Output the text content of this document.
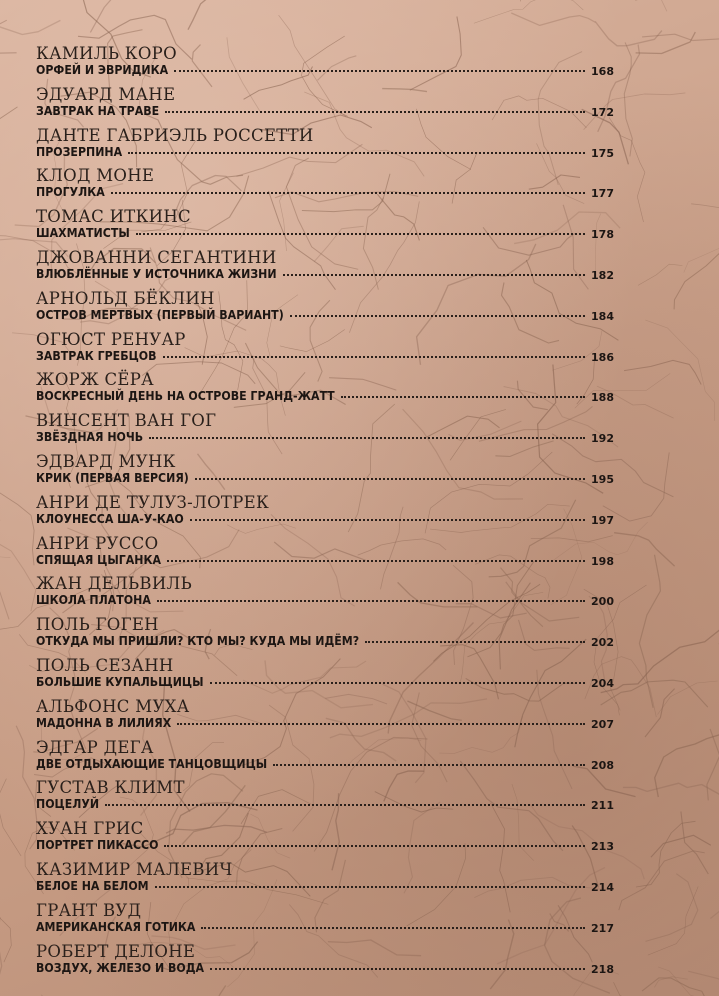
КАМИЛЬ КОРО
ОРФЕЙ И ЭВРИДИКА	168
ЭДУАРД МАНЕ
ЗАВТРАК НА ТРАВЕ	172
ДАНТЕ ГАБРИЭЛЬ РОССЕТТИ
ПРОЗЕРПИНА	175
КЛОД МОНЕ
ПРОГУЛКА	177
ТОМАС ИТКИНС
ШАХМАТИСТЫ	178
ДЖОВАННИ СЕГАНТИНИ
ВЛЮБЛЁННЫЕ У ИСТОЧНИКА ЖИЗНИ	182
АРНОЛЬД БЁКЛИН
ОСТРОВ МЕРТВЫХ (ПЕРВЫЙ ВАРИАНТ)	184
ОГЮСТ РЕНУАР
ЗАВТРАК ГРЕБЦОВ	186
ЖОРЖ СЁРА
ВОСКРЕСНЫЙ ДЕНЬ НА ОСТРОВЕ ГРАНД-ЖАТТ	188
ВИНСЕНТ ВАН ГОГ
ЗВЁЗДНАЯ НОЧЬ	192
ЭДВАРД МУНК
КРИК (ПЕРВАЯ ВЕРСИЯ)	195
АНРИ ДЕ ТУЛУЗ-ЛОТРЕК
КЛОУНЕССА ША-У-КАО	197
АНРИ РУССО
СПЯЩАЯ ЦЫГАНКА	198
ЖАН ДЕЛЬВИЛЬ
ШКОЛА ПЛАТОНА	200
ПОЛЬ ГОГЕН
ОТКУДА МЫ ПРИШЛИ? КТО МЫ? КУДА МЫ ИДЁМ?	202
ПОЛЬ СЕЗАНН
БОЛЬШИЕ КУПАЛЬЩИЦЫ	204
АЛЬФОНС МУХА
МАДОННА В ЛИЛИЯХ	207
ЭДГАР ДЕГА
ДВЕ ОТДЫХАЮЩИЕ ТАНЦОВЩИЦЫ	208
ГУСТАВ КЛИМТ
ПОЦЕЛУЙ	211
ХУАН ГРИС
ПОРТРЕТ ПИКАССО	213
КАЗИМИР МАЛЕВИЧ
БЕЛОЕ НА БЕЛОМ	214
ГРАНТ ВУД
АМЕРИКАНСКАЯ ГОТИКА	217
РОБЕРТ ДЕЛОНЕ
ВОЗДУХ, ЖЕЛЕЗО И ВОДА	218
